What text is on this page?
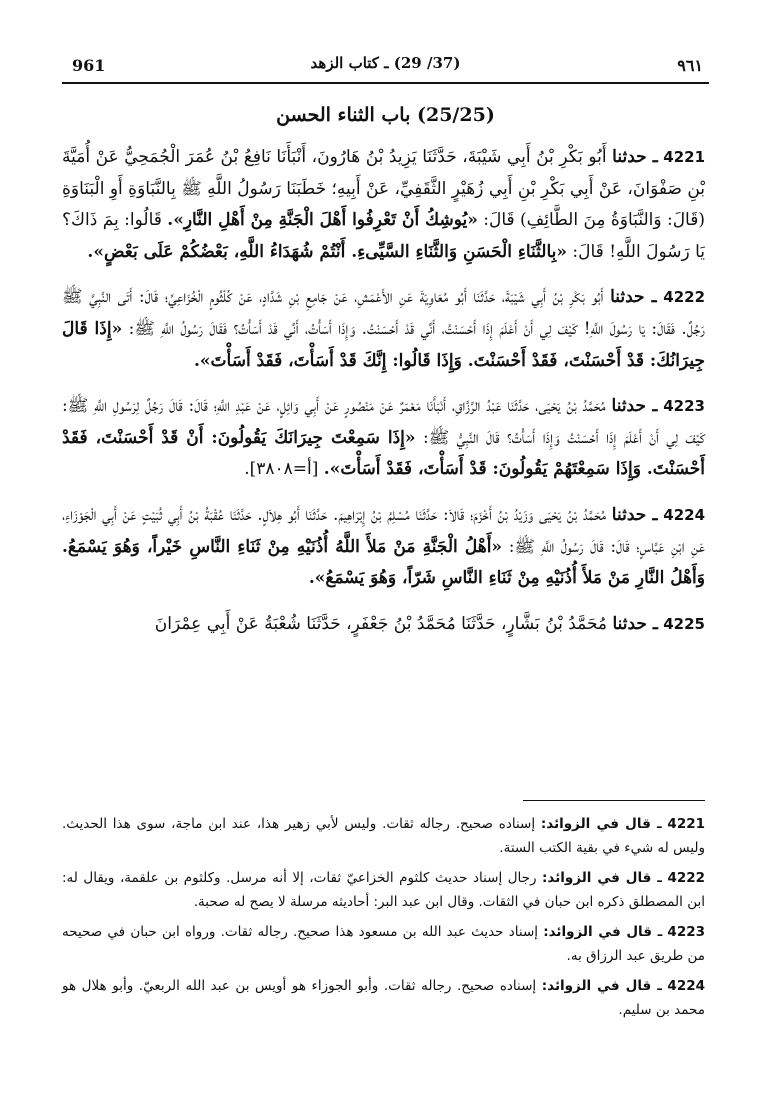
961	(37/ 29) ـ كتاب الزهد	٩٦١
(25/25) باب الثناء الحسن

4221 ـ حدثنا أَبُو بَكْرِ بْنُ أَبِي شَيْبَةَ، حَدَّثَنَا يَزِيدُ بْنُ هَارُونَ، أَنْبَأَنَا نَافِعُ بْنُ عُمَرَ الْجُمَحِيُّ عَنْ أُمَيَّةَ بْنِ صَفْوَانَ، عَنْ أَبِي بَكْرِ بْنِ أَبِي زُهَيْرٍ الثَّقَفِيِّ، عَنْ أَبِيهِ؛ خَطَبَنَا رَسُولُ اللَّهِ ﷺ بِالنَّبَاوَةِ أَوِ الْبَنَاوَةِ (قَالَ: وَالنَّبَاوَةُ مِنَ الطَّائِفِ) قَالَ: «يُوشِكُ أَنْ تَعْرِفُوا أَهْلَ الْجَنَّةِ مِنْ أَهْلِ النَّارِ». قَالُوا: بِمَ ذَاكَ؟ يَا رَسُولَ اللَّهِ! قَالَ: «بِالثَّنَاءِ الْحَسَنِ وَالثَّنَاءِ السَّيِّىءِ. أَنْتُمْ شُهَدَاءُ اللَّهِ، بَعْضُكُمْ عَلَى بَعْضٍ».

4222 ـ حدثنا أَبُو بَكْرِ بْنُ أَبِي شَيْبَةَ، حَدَّثَنَا أَبُو مُعَاوِيَةَ عَنِ الأَعْمَشِ، عَنْ جَامِعِ بْنِ شَدَّادٍ، عَنْ كُلْثُومٍ الْخُزَاعِيِّ؛ قَالَ: أَتَى النَّبِيَّ ﷺ رَجُلٌ. فَقَالَ: يَا رَسُولَ اللَّهِ! كَيْفَ لِي أَنْ أَعْلَمَ إِذَا أَحْسَنْتُ، أَنِّي قَدْ أَحْسَنْتُ. وَإِذَا أَسَأْتُ، أَنِّي قَدْ أَسَأْتُ؟ فَقَالَ رَسُولُ اللَّهِ ﷺ: «إِذَا قَالَ جِيرَانُكَ: قَدْ أَحْسَنْتَ، فَقَدْ أَحْسَنْتَ. وَإِذَا قَالُوا: إِنَّكَ قَدْ أَسَأْتَ، فَقَدْ أَسَأْتَ».

4223 ـ حدثنا مُحَمَّدُ بْنُ يَحْيَى، حَدَّثَنَا عَبْدُ الرَّزَّاقِ، أَنْبَأَنَا مَعْمَرٌ عَنْ مَنْصُورٍ عَنْ أَبِي وَائِلٍ، عَنْ عَبْدِ اللَّهِ؛ قَالَ: قَالَ رَجُلٌ لِرَسُولِ اللَّهِ ﷺ: كَيْفَ لِي أَنْ أَعْلَمَ إِذَا أَحْسَنْتُ وَإِذَا أَسَأْتُ؟ قَالَ النَّبِيُّ ﷺ: «إِذَا سَمِعْتَ جِيرَانَكَ يَقُولُونَ: أَنْ قَدْ أَحْسَنْتَ، فَقَدْ أَحْسَنْتَ. وَإِذَا سَمِعْتَهُمْ يَقُولُونَ: قَدْ أَسَأْتَ، فَقَدْ أَسَأْتَ». [أ=٣٨٠٨].

4224 ـ حدثنا مُحَمَّدُ بْنُ يَحْيَى وَزَيْدُ بْنُ أَخْزَمَ؛ قَالاَ: حَدَّثَنَا مُسْلِمُ بْنُ إِبْرَاهِيمَ. حَدَّثَنَا أَبُو هِلاَلٍ. حَدَّثَنَا عُقْبَةُ بْنُ أَبِي ثُبَيْتٍ عَنْ أَبِي الْجَوْزَاءِ، عَنِ ابْنِ عَبَّاسٍ؛ قَالَ: قَالَ رَسُولُ اللَّهِ ﷺ: «أَهْلُ الْجَنَّةِ مَنْ مَلأَ اللَّهُ أُذُنَيْهِ مِنْ ثَنَاءِ النَّاسِ خَيْراً، وَهُوَ يَسْمَعُ. وَأَهْلُ النَّارِ مَنْ مَلأَ أُذُنَيْهِ مِنْ ثَنَاءِ النَّاسِ شَرّاً، وَهُوَ يَسْمَعُ».

4225 ـ حدثنا مُحَمَّدُ بْنُ بَشَّارٍ، حَدَّثَنَا مُحَمَّدُ بْنُ جَعْفَرٍ، حَدَّثَنَا شُعْبَةُ عَنْ أَبِي عِمْرَانَ

4221 ـ قال في الزوائد: إسناده صحيح. رجاله ثقات. وليس لأبي زهير هذا، عند ابن ماجة، سوى هذا الحديث. وليس له شيء في بقية الكتب الستة.

4222 ـ قال في الزوائد: رجال إسناد حديث كلثوم الخزاعيّ ثقات، إلا أنه مرسل. وكلثوم بن علقمة، ويقال له: ابن المصطلق ذكره ابن حبان في الثقات. وقال ابن عبد البر: أحاديثه مرسلة لا يصح له صحبة.

4223 ـ قال في الزوائد: إسناد حديث عبد الله بن مسعود هذا صحيح. رجاله ثقات. ورواه ابن حبان في صحيحه من طريق عبد الرزاق به.

4224 ـ قال في الزوائد: إسناده صحيح. رجاله ثقات. وأبو الجوزاء هو أويس بن عبد الله الربعيّ. وأبو هلال هو محمد بن سليم.
